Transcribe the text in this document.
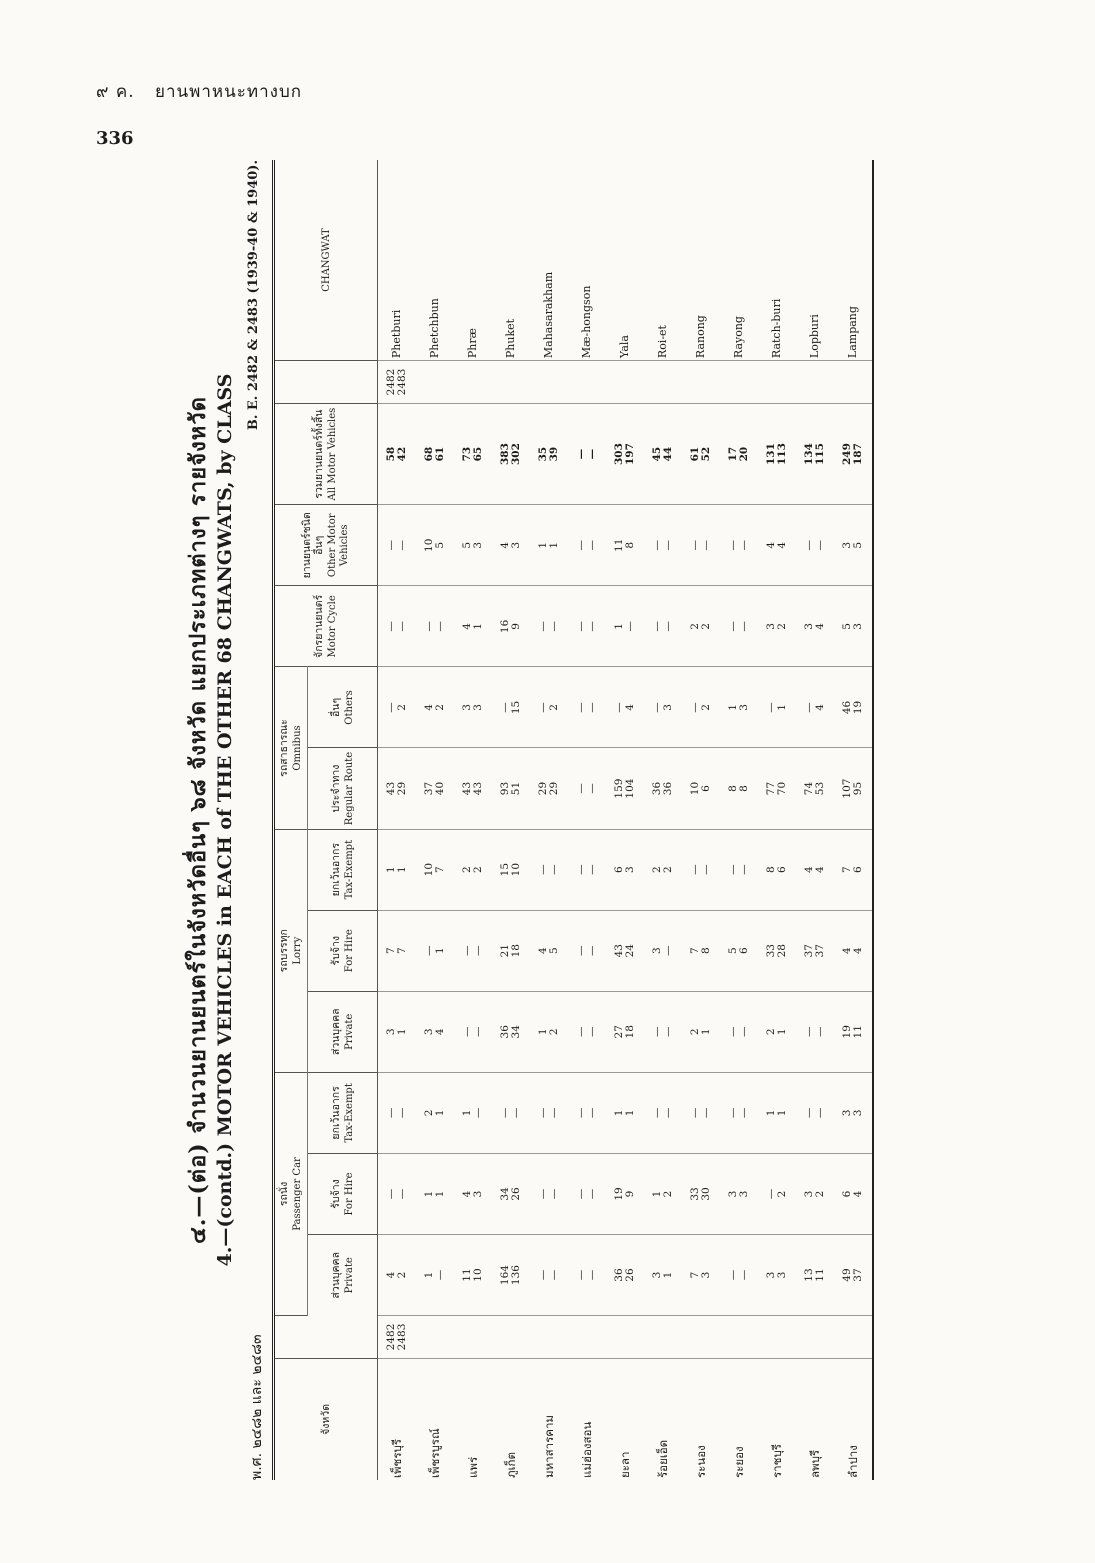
๙ ค. ยานพาหนะทางบก
336
๔.—(ต่อ) จำนวนยานยนตร์ในจังหวัดอื่นๆ ๖๘ จังหวัด แยกประเภทต่างๆ รายจังหวัด 4.—(contd.) MOTOR VEHICLES in EACH of THE OTHER 68 CHANGWATS, by CLASS
พ.ศ. ๒๔๘๒ และ ๒๔๘๓
B. E. 2482 & 2483 (1939-40 & 1940).
จังหวัด		รถนั่ง Passenger Car			รถบรรทุก Lorry			รถสาธารณะ Omnibus		จักรยานยนตร์ Motor Cycle	ยานยนตร์ชนิดอื่นๆ Other Motor Vehicles	รวมยานยนตร์ทั้งสิ้น All Motor Vehicles		CHANGWAT

		ส่วนบุคคล Private	รับจ้าง For Hire	ยกเว้นอากร Tax-Exempt	ส่วนบุคคล Private	รับจ้าง For Hire	ยกเว้นอากร Tax-Exempt	ประจำทาง Regular Route	อื่นๆ Others					

เพ็ชรบุรี	2482 2483	4 2	— —	— —	3 1	7 7	1 1	43 29	— 2	— —	— —	58 42	2482 2483	Phetburi
เพ็ชรบูรณ์		1 —	1 1	2 1	3 4	— 1	10 7	37 40	4 2	— —	10 5	68 61		Phetchbun
แพร่		11 10	4 3	1 —	— —	— —	2 2	43 43	3 3	4 1	5 3	73 65		Phræ
ภูเก็ต		164 136	34 26	— —	36 34	21 18	15 10	93 51	— 15	16 9	4 3	383 302		Phuket
มหาสารคาม		— —	— —	— —	1 2	4 5	— —	29 29	— 2	— —	1 1	35 39		Mahasarakham
แม่ฮ่องสอน		— —	— —	— —	— —	— —	— —	— —	— —	— —	— —	— —		Mæ-hongson
ยะลา		36 26	19 9	1 1	27 18	43 24	6 3	159 104	— 4	1 —	11 8	303 197		Yala
ร้อยเอ็ด		3 1	1 2	— —	— —	3 —	2 2	36 36	— 3	— —	— —	45 44		Roi-et
ระนอง		7 3	33 30	— —	2 1	7 8	— —	10 6	— 2	2 2	— —	61 52		Ranong
ระยอง		— —	3 3	— —	— —	5 6	— —	8 8	1 3	— —	— —	17 20		Rayong
ราชบุรี		3 3	— 2	1 1	2 1	33 28	8 6	77 70	— 1	3 2	4 4	131 113		Ratch-buri
ลพบุรี		13 11	3 2	— —	— —	37 37	4 4	74 53	— 4	3 4	— —	134 115		Lopburi
ลำปาง		49 37	6 4	3 3	19 11	4 4	7 6	107 95	46 19	5 3	3 5	249 187		Lampang
